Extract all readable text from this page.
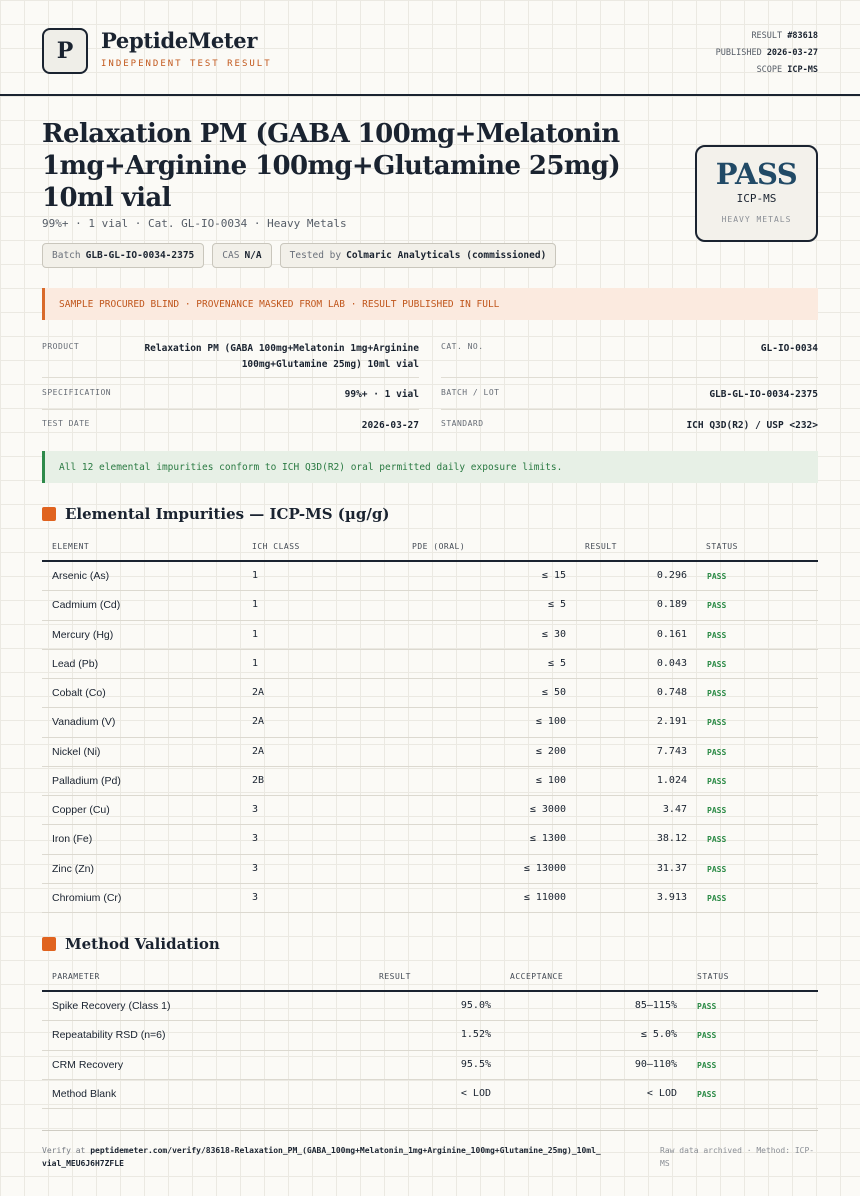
P	PeptideMeter
INDEPENDENT TEST RESULT
RESULT #83618
PUBLISHED 2026-03-27
SCOPE ICP-MS
Relaxation PM (GABA 100mg+Melatonin 1mg+Arginine 100mg+Glutamine 25mg) 10ml vial
99%+ · 1 vial · Cat. GL-IO-0034 · Heavy Metals
Batch GLB-GL-IO-0034-2375	CAS N/A	Tested by Colmaric Analyticals (commissioned)
PASS
ICP-MS
HEAVY METALS
SAMPLE PROCURED BLIND · PROVENANCE MASKED FROM LAB · RESULT PUBLISHED IN FULL
PRODUCT	Relaxation PM (GABA 100mg+Melatonin 1mg+Arginine 100mg+Glutamine 25mg) 10ml vial
CAT. NO.	GL-IO-0034
SPECIFICATION	99%+ · 1 vial	BATCH / LOT	GLB-GL-IO-0034-2375
TEST DATE	2026-03-27	STANDARD	ICH Q3D(R2) / USP <232>
All 12 elemental impurities conform to ICH Q3D(R2) oral permitted daily exposure limits.
Elemental Impurities — ICP-MS (µg/g)
ELEMENT	ICH CLASS	PDE (ORAL)	RESULT	STATUS
Arsenic (As)	1	≤ 15	0.296	PASS
Cadmium (Cd)	1	≤ 5	0.189	PASS
Mercury (Hg)	1	≤ 30	0.161	PASS
Lead (Pb)	1	≤ 5	0.043	PASS
Cobalt (Co)	2A	≤ 50	0.748	PASS
Vanadium (V)	2A	≤ 100	2.191	PASS
Nickel (Ni)	2A	≤ 200	7.743	PASS
Palladium (Pd)	2B	≤ 100	1.024	PASS
Copper (Cu)	3	≤ 3000	3.47	PASS
Iron (Fe)	3	≤ 1300	38.12	PASS
Zinc (Zn)	3	≤ 13000	31.37	PASS
Chromium (Cr)	3	≤ 11000	3.913	PASS
Method Validation
PARAMETER	RESULT	ACCEPTANCE	STATUS
Spike Recovery (Class 1)	95.0%	85–115%	PASS
Repeatability RSD (n=6)	1.52%	≤ 5.0%	PASS
CRM Recovery	95.5%	90–110%	PASS
Method Blank	< LOD	< LOD	PASS
Verify at peptidemeter.com/verify/83618-Relaxation_PM_(GABA_100mg+Melatonin_1mg+Arginine_100mg+Glutamine_25mg)_10ml_vial_MEU6J6H7ZFLE
Raw data archived · Method: ICP-MS
